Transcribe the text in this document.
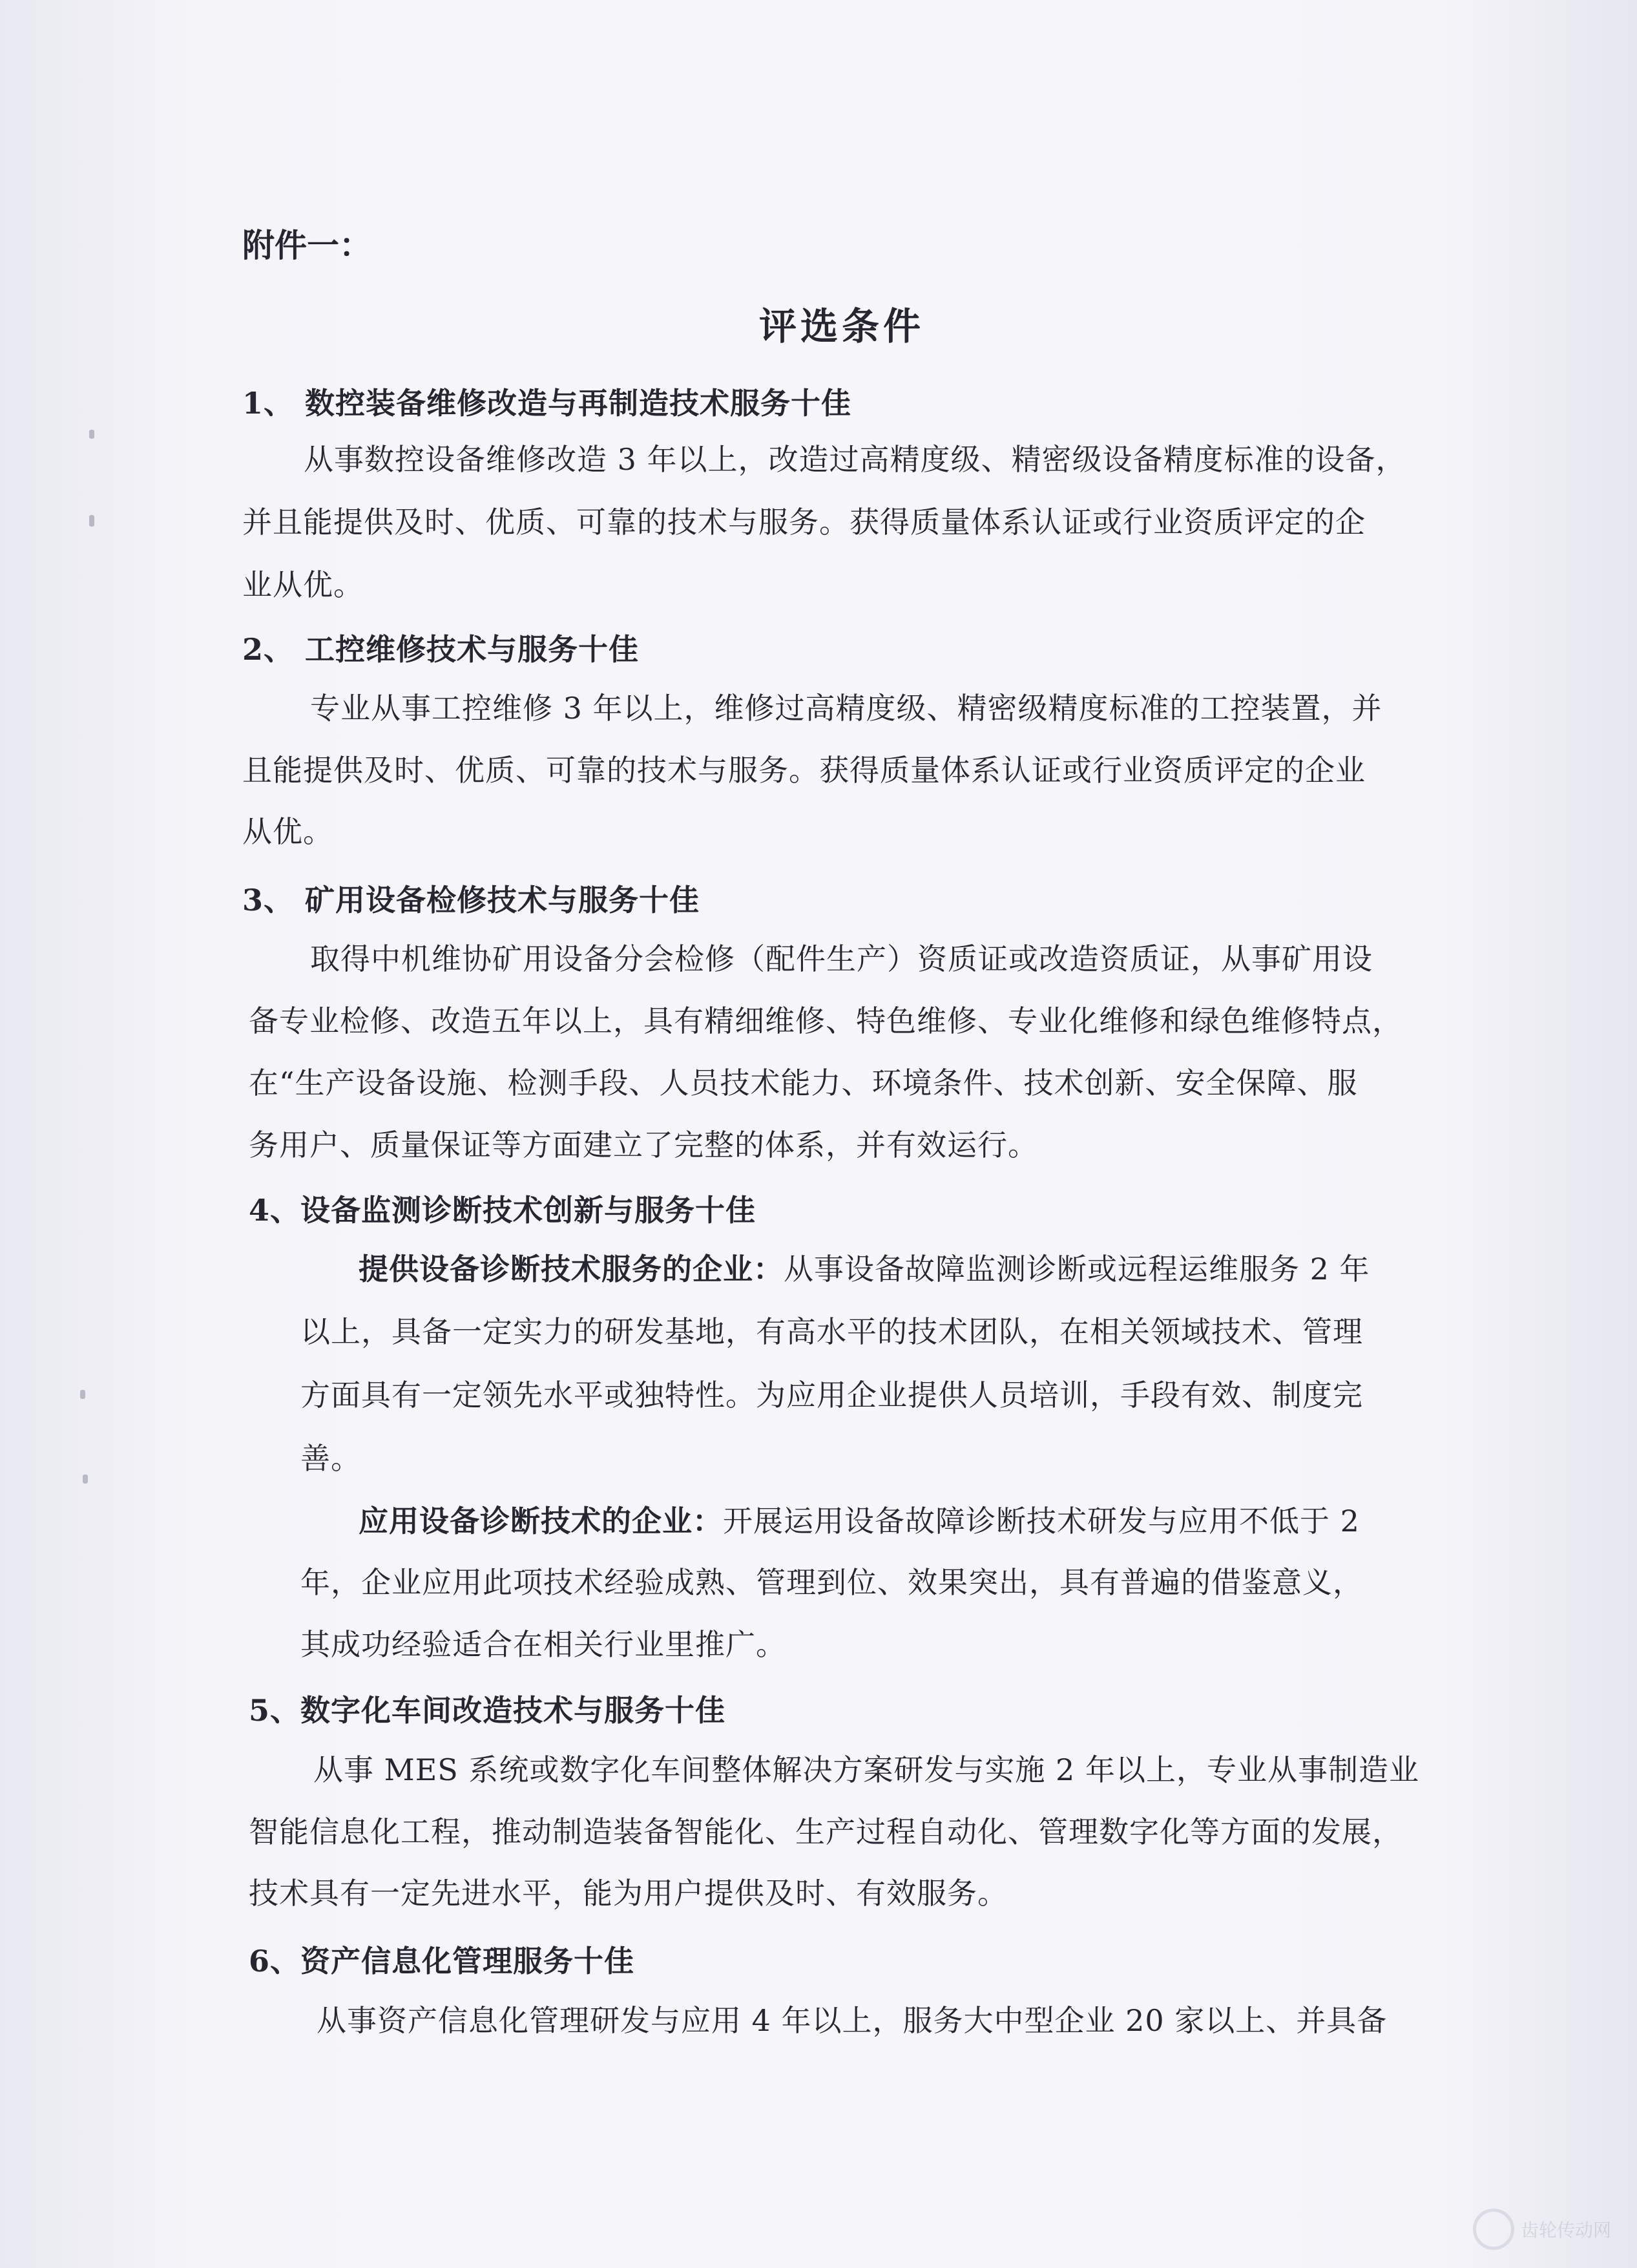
附件一：
评选条件
1、 数控装备维修改造与再制造技术服务十佳
从事数控设备维修改造 3 年以上，改造过高精度级、精密级设备精度标准的设备，
并且能提供及时、优质、可靠的技术与服务。获得质量体系认证或行业资质评定的企
业从优。
2、 工控维修技术与服务十佳
专业从事工控维修 3 年以上，维修过高精度级、精密级精度标准的工控装置，并
且能提供及时、优质、可靠的技术与服务。获得质量体系认证或行业资质评定的企业
从优。
3、 矿用设备检修技术与服务十佳
取得中机维协矿用设备分会检修（配件生产）资质证或改造资质证，从事矿用设
备专业检修、改造五年以上，具有精细维修、特色维修、专业化维修和绿色维修特点，
在“生产设备设施、检测手段、人员技术能力、环境条件、技术创新、安全保障、服
务用户、质量保证等方面建立了完整的体系，并有效运行。
4、设备监测诊断技术创新与服务十佳
提供设备诊断技术服务的企业：从事设备故障监测诊断或远程运维服务 2 年
以上，具备一定实力的研发基地，有高水平的技术团队，在相关领域技术、管理
方面具有一定领先水平或独特性。为应用企业提供人员培训，手段有效、制度完
善。
应用设备诊断技术的企业：开展运用设备故障诊断技术研发与应用不低于 2
年，企业应用此项技术经验成熟、管理到位、效果突出，具有普遍的借鉴意义，
其成功经验适合在相关行业里推广。
5、数字化车间改造技术与服务十佳
从事 MES 系统或数字化车间整体解决方案研发与实施 2 年以上，专业从事制造业
智能信息化工程，推动制造装备智能化、生产过程自动化、管理数字化等方面的发展，
技术具有一定先进水平，能为用户提供及时、有效服务。
6、资产信息化管理服务十佳
从事资产信息化管理研发与应用 4 年以上，服务大中型企业 20 家以上、并具备
齿轮传动网
